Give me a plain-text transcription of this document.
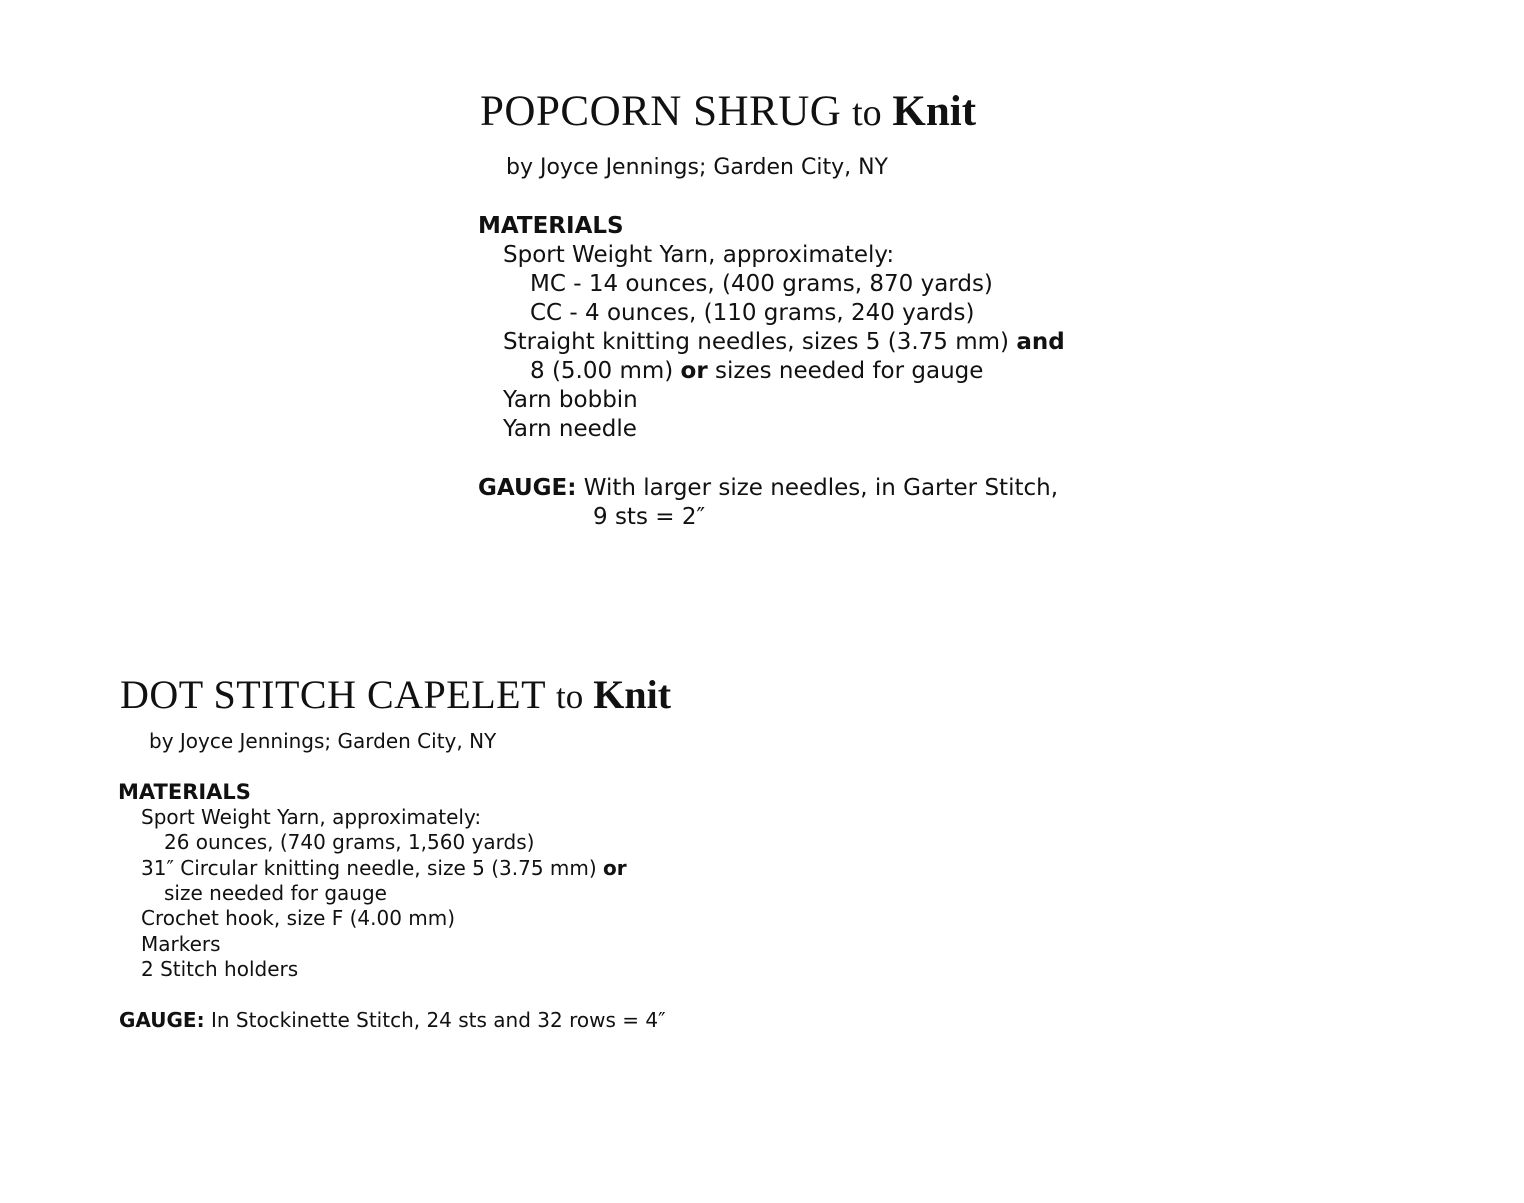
POPCORN SHRUG to Knit
by Joyce Jennings; Garden City, NY
MATERIALS
Sport Weight Yarn, approximately:
MC - 14 ounces, (400 grams, 870 yards)
CC - 4 ounces, (110 grams, 240 yards)
Straight knitting needles, sizes 5 (3.75 mm) and
8 (5.00 mm) or sizes needed for gauge
Yarn bobbin
Yarn needle
GAUGE: With larger size needles, in Garter Stitch,
9 sts = 2″
DOT STITCH CAPELET to Knit
by Joyce Jennings; Garden City, NY
MATERIALS
Sport Weight Yarn, approximately:
26 ounces, (740 grams, 1,560 yards)
31″ Circular knitting needle, size 5 (3.75 mm) or
size needed for gauge
Crochet hook, size F (4.00 mm)
Markers
2 Stitch holders
GAUGE: In Stockinette Stitch, 24 sts and 32 rows = 4″
